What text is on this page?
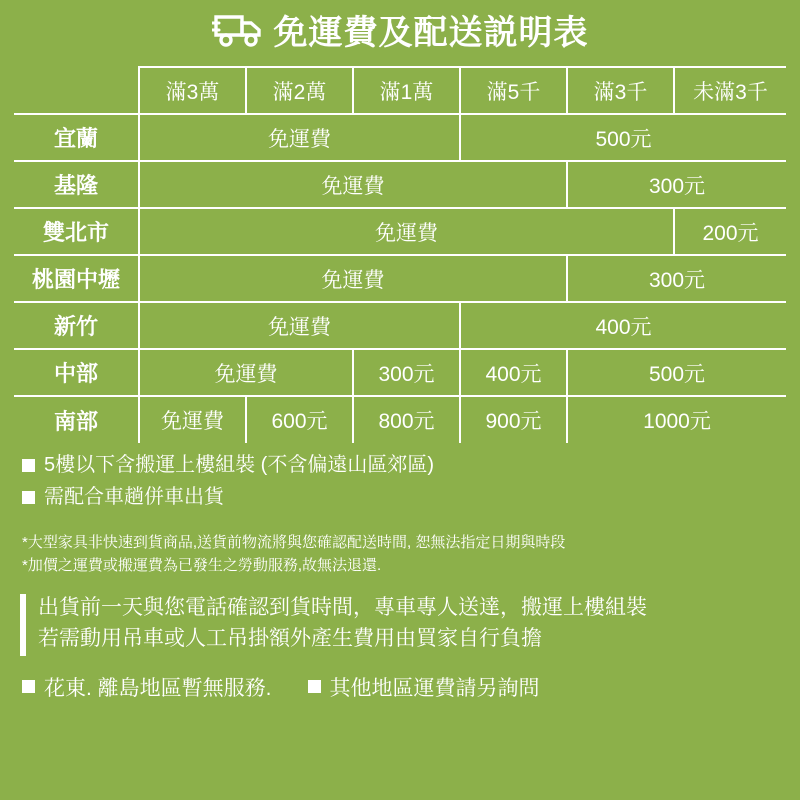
免運費及配送説明表
	滿3萬	滿2萬	滿1萬	滿5千	滿3千	未滿3千
宜蘭	免運費			500元		
基隆	免運費				300元	
雙北市	免運費					200元
桃園中壢	免運費				300元	
新竹	免運費			400元		
中部	免運費		300元	400元	500元	
南部	免運費	600元	800元	900元	1000元	
5樓以下含搬運上樓組裝 (不含偏遠山區郊區)
需配合車趟併車出貨
*大型家具非快速到貨商品,送貨前物流將與您確認配送時間, 恕無法指定日期與時段
*加價之運費或搬運費為已發生之勞動服務,故無法退還.
出貨前一天與您電話確認到貨時間，專車專人送達，搬運上樓組裝
若需動用吊車或人工吊掛額外產生費用由買家自行負擔
花東. 離島地區暫無服務.	其他地區運費請另詢問
